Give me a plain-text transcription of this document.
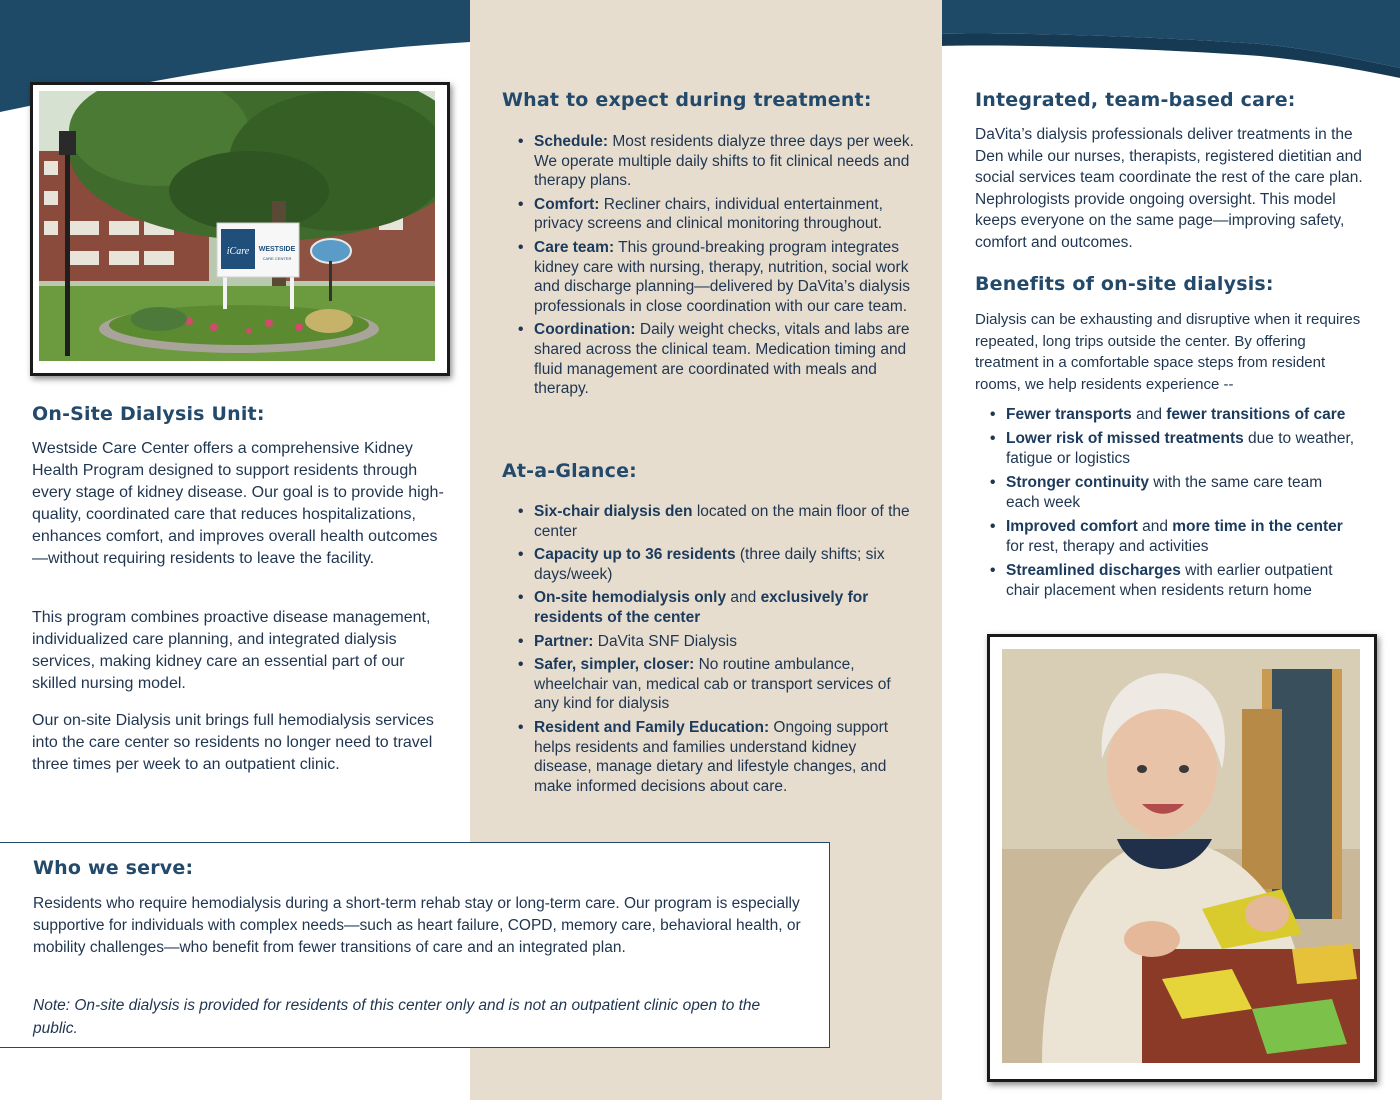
iCare WESTSIDE
CARE CENTER
On-Site Dialysis Unit:

Westside Care Center offers a comprehensive Kidney Health Program designed to support residents through every stage of kidney disease. Our goal is to provide high-quality, coordinated care that reduces hospitalizations, enhances comfort, and improves overall health outcomes—without requiring residents to leave the facility.

This program combines proactive disease management, individualized care planning, and integrated dialysis services, making kidney care an essential part of our skilled nursing model.

Our on-site Dialysis unit brings full hemodialysis services into the care center so residents no longer need to travel three times per week to an outpatient clinic.

What to expect during treatment:
• Schedule: Most residents dialyze three days per week. We operate multiple daily shifts to fit clinical needs and therapy plans.
• Comfort: Recliner chairs, individual entertainment, privacy screens and clinical monitoring throughout.
• Care team: This ground-breaking program integrates kidney care with nursing, therapy, nutrition, social work and discharge planning—delivered by DaVita’s dialysis professionals in close coordination with our care team.
• Coordination: Daily weight checks, vitals and labs are shared across the clinical team. Medication timing and fluid management are coordinated with meals and therapy.
At-a-Glance:
• Six-chair dialysis den located on the main floor of the center
• Capacity up to 36 residents (three daily shifts; six days/week)
• On-site hemodialysis only and exclusively for residents of the center
• Partner: DaVita SNF Dialysis
• Safer, simpler, closer: No routine ambulance, wheelchair van, medical cab or transport services of any kind for dialysis
• Resident and Family Education: Ongoing support helps residents and families understand kidney disease, manage dietary and lifestyle changes, and make informed decisions about care.
Integrated, team-based care:

DaVita’s dialysis professionals deliver treatments in the Den while our nurses, therapists, registered dietitian and social services team coordinate the rest of the care plan. Nephrologists provide ongoing oversight. This model keeps everyone on the same page—improving safety, comfort and outcomes.

Benefits of on-site dialysis:

Dialysis can be exhausting and disruptive when it requires repeated, long trips outside the center. By offering treatment in a comfortable space steps from resident rooms, we help residents experience --

• Fewer transports and fewer transitions of care
• Lower risk of missed treatments due to weather, fatigue or logistics
• Stronger continuity with the same care team each week
• Improved comfort and more time in the center for rest, therapy and activities
• Streamlined discharges with earlier outpatient chair placement when residents return home
Who we serve:

Residents who require hemodialysis during a short-term rehab stay or long-term care. Our program is especially supportive for individuals with complex needs—such as heart failure, COPD, memory care, behavioral health, or mobility challenges—who benefit from fewer transitions of care and an integrated plan.

Note: On-site dialysis is provided for residents of this center only and is not an outpatient clinic open to the public.
